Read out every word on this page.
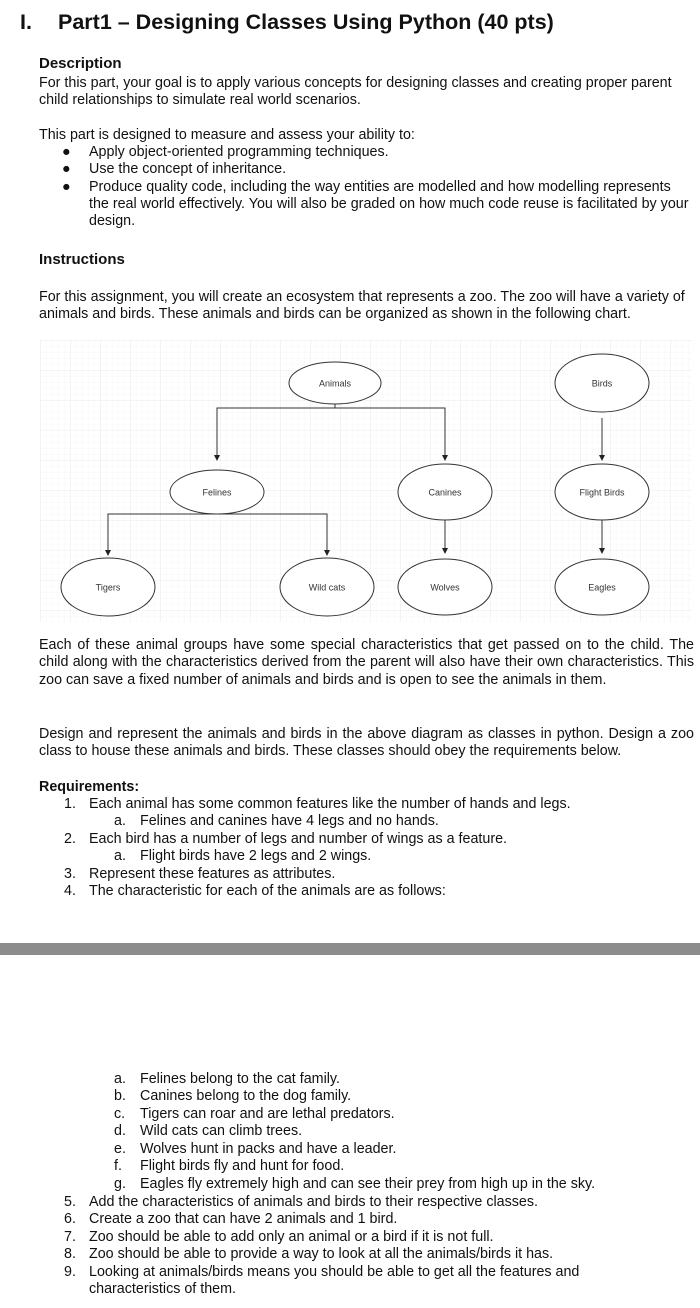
I. Part1 – Designing Classes Using Python (40 pts)
Description
For this part, your goal is to apply various concepts for designing classes and creating proper parent child relationships to simulate real world scenarios.
This part is designed to measure and assess your ability to:
● Apply object-oriented programming techniques.
● Use the concept of inheritance.
● Produce quality code, including the way entities are modelled and how modelling represents the real world effectively. You will also be graded on how much code reuse is facilitated by your design.
Instructions
For this assignment, you will create an ecosystem that represents a zoo. The zoo will have a variety of animals and birds. These animals and birds can be organized as shown in the following chart.
Animals	Birds
Felines	Canines	Flight Birds
Tigers	Wild cats	Wolves	Eagles
Each of these animal groups have some special characteristics that get passed on to the child. The child along with the characteristics derived from the parent will also have their own characteristics. This zoo can save a fixed number of animals and birds and is open to see the animals in them.
Design and represent the animals and birds in the above diagram as classes in python. Design a zoo class to house these animals and birds. These classes should obey the requirements below.
Requirements:
1. Each animal has some common features like the number of hands and legs.
a. Felines and canines have 4 legs and no hands.
2. Each bird has a number of legs and number of wings as a feature.
a. Flight birds have 2 legs and 2 wings.
3. Represent these features as attributes.
4. The characteristic for each of the animals are as follows:
a. Felines belong to the cat family.
b. Canines belong to the dog family.
c. Tigers can roar and are lethal predators.
d. Wild cats can climb trees.
e. Wolves hunt in packs and have a leader.
f. Flight birds fly and hunt for food.
g. Eagles fly extremely high and can see their prey from high up in the sky.
5. Add the characteristics of animals and birds to their respective classes.
6. Create a zoo that can have 2 animals and 1 bird.
7. Zoo should be able to add only an animal or a bird if it is not full.
8. Zoo should be able to provide a way to look at all the animals/birds it has.
9. Looking at animals/birds means you should be able to get all the features and characteristics of them.
